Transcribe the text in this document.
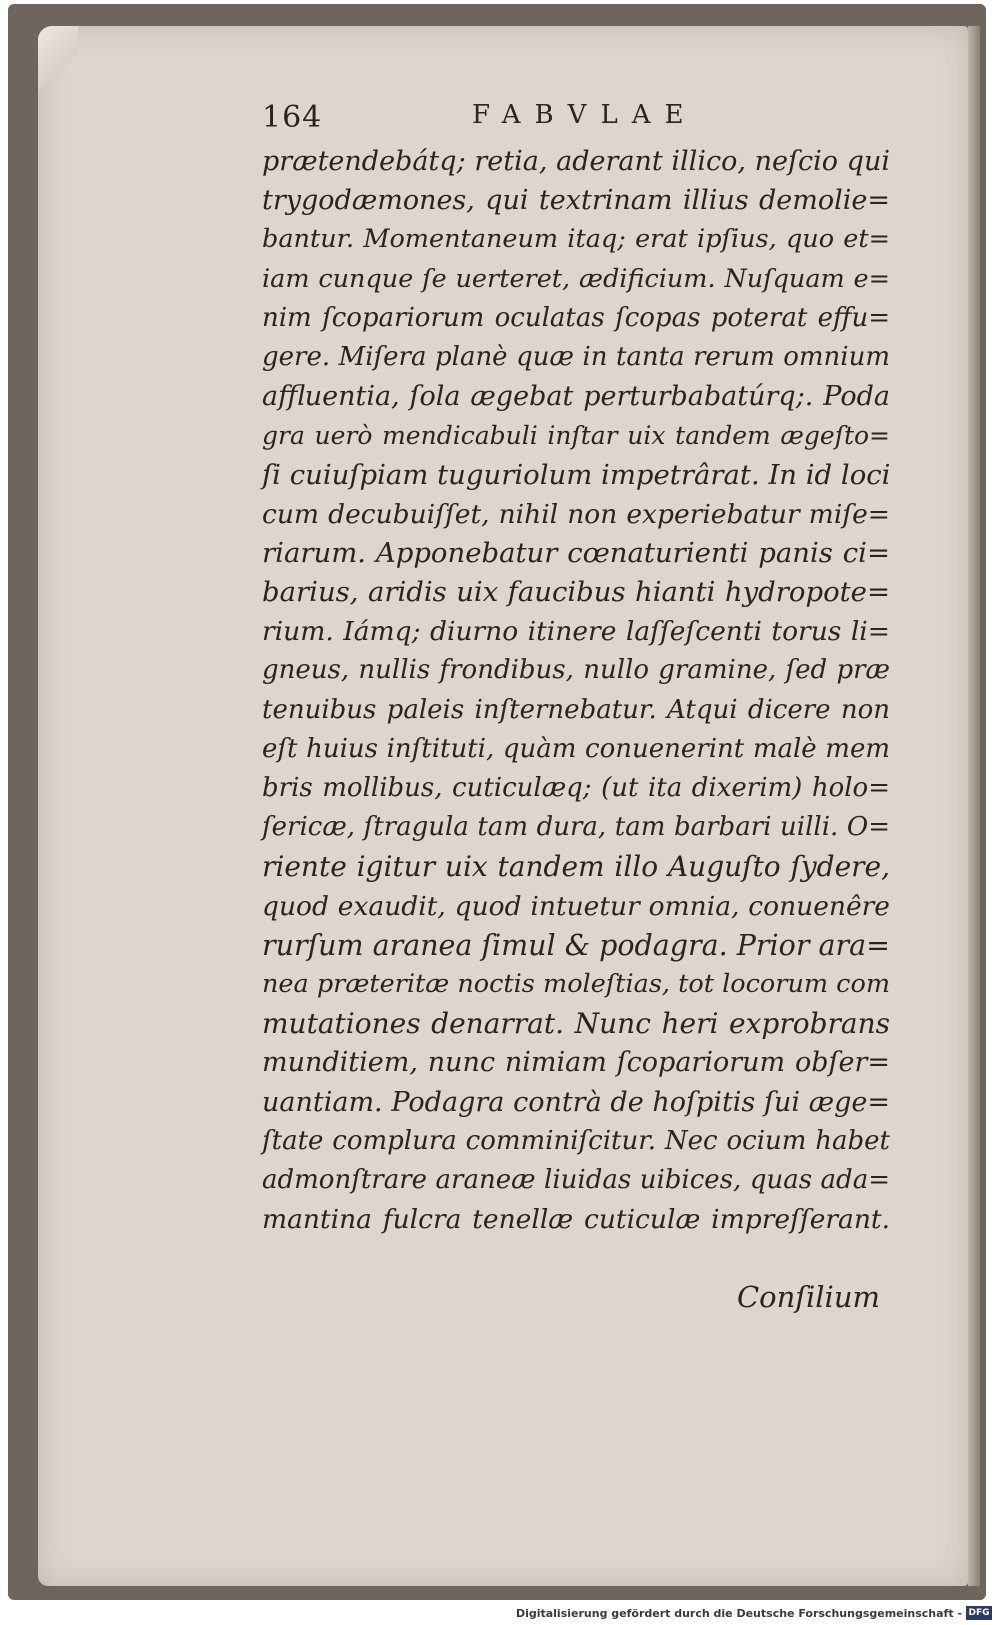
164	FABVLAE
prætendebátq; retia, aderant illico, neſcio qui
trygodæmones, qui textrinam illius demolie=
bantur. Momentaneum itaq; erat ipſius, quo et=
iam cunque ſe uerteret, ædificium. Nuſquam e=
nim ſcopariorum oculatas ſcopas poterat effu=
gere. Miſera planè quæ in tanta rerum omnium
affluentia, ſola ægebat perturbabatúrq;. Poda
gra uerò mendicabuli inſtar uix tandem ægeſto=
ſi cuiuſpiam tuguriolum impetrârat. In id loci
cum decubuiſſet, nihil non experiebatur miſe=
riarum. Apponebatur cœnaturienti panis ci=
barius, aridis uix faucibus hianti hydropote=
rium. Iámq; diurno itinere laſſeſcenti torus li=
gneus, nullis frondibus, nullo gramine, ſed præ
tenuibus paleis inſternebatur. Atqui dicere non
eſt huius inſtituti, quàm conuenerint malè mem
bris mollibus, cuticulæq; (ut ita dixerim) holo=
ſericæ, ſtragula tam dura, tam barbari uilli. O=
riente igitur uix tandem illo Auguſto ſydere,
quod exaudit, quod intuetur omnia, conuenêre
rurſum aranea ſimul & podagra. Prior ara=
nea præteritæ noctis moleſtias, tot locorum com
mutationes denarrat. Nunc heri exprobrans
munditiem, nunc nimiam ſcopariorum obſer=
uantiam. Podagra contrà de hoſpitis ſui æge=
ſtate complura comminiſcitur. Nec ocium habet
admonſtrare araneæ liuidas uibices, quas ada=
mantina fulcra tenellæ cuticulæ impreſſerant.
Conſilium
Digitalisierung gefördert durch die Deutsche Forschungsgemeinschaft - DFG
